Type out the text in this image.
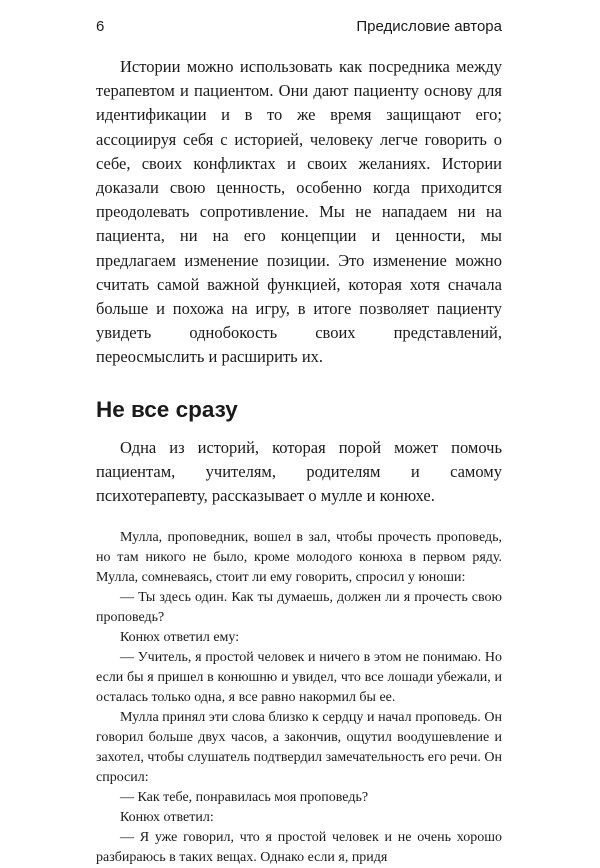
6	Предисловие автора

Истории можно использовать как посредника между терапевтом и пациентом. Они дают пациенту основу для идентификации и в то же время защищают его; ассоциируя себя с историей, человеку легче говорить о себе, своих конфликтах и своих желаниях. Истории доказали свою ценность, особенно когда приходится преодолевать сопротивление. Мы не нападаем ни на пациента, ни на его концепции и ценности, мы предлагаем изменение позиции. Это изменение можно считать самой важной функцией, которая хотя сначала больше и похожа на игру, в итоге позволяет пациенту увидеть однобокость своих представлений, переосмыслить и расширить их.

Не все сразу

Одна из историй, которая порой может помочь пациентам, учителям, родителям и самому психотерапевту, рассказывает о мулле и конюхе.

Мулла, проповедник, вошел в зал, чтобы прочесть проповедь, но там никого не было, кроме молодого конюха в первом ряду. Мулла, сомневаясь, стоит ли ему говорить, спросил у юноши:

— Ты здесь один. Как ты думаешь, должен ли я прочесть свою проповедь?

Конюх ответил ему:

— Учитель, я простой человек и ничего в этом не понимаю. Но если бы я пришел в конюшню и увидел, что все лошади убежали, и осталась только одна, я все равно накормил бы ее.

Мулла принял эти слова близко к сердцу и начал проповедь. Он говорил больше двух часов, а закончив, ощутил воодушевление и захотел, чтобы слушатель подтвердил замечательность его речи. Он спросил:

— Как тебе, понравилась моя проповедь?

Конюх ответил:

— Я уже говорил, что я простой человек и не очень хорошо разбираюсь в таких вещах. Однако если я, придя
